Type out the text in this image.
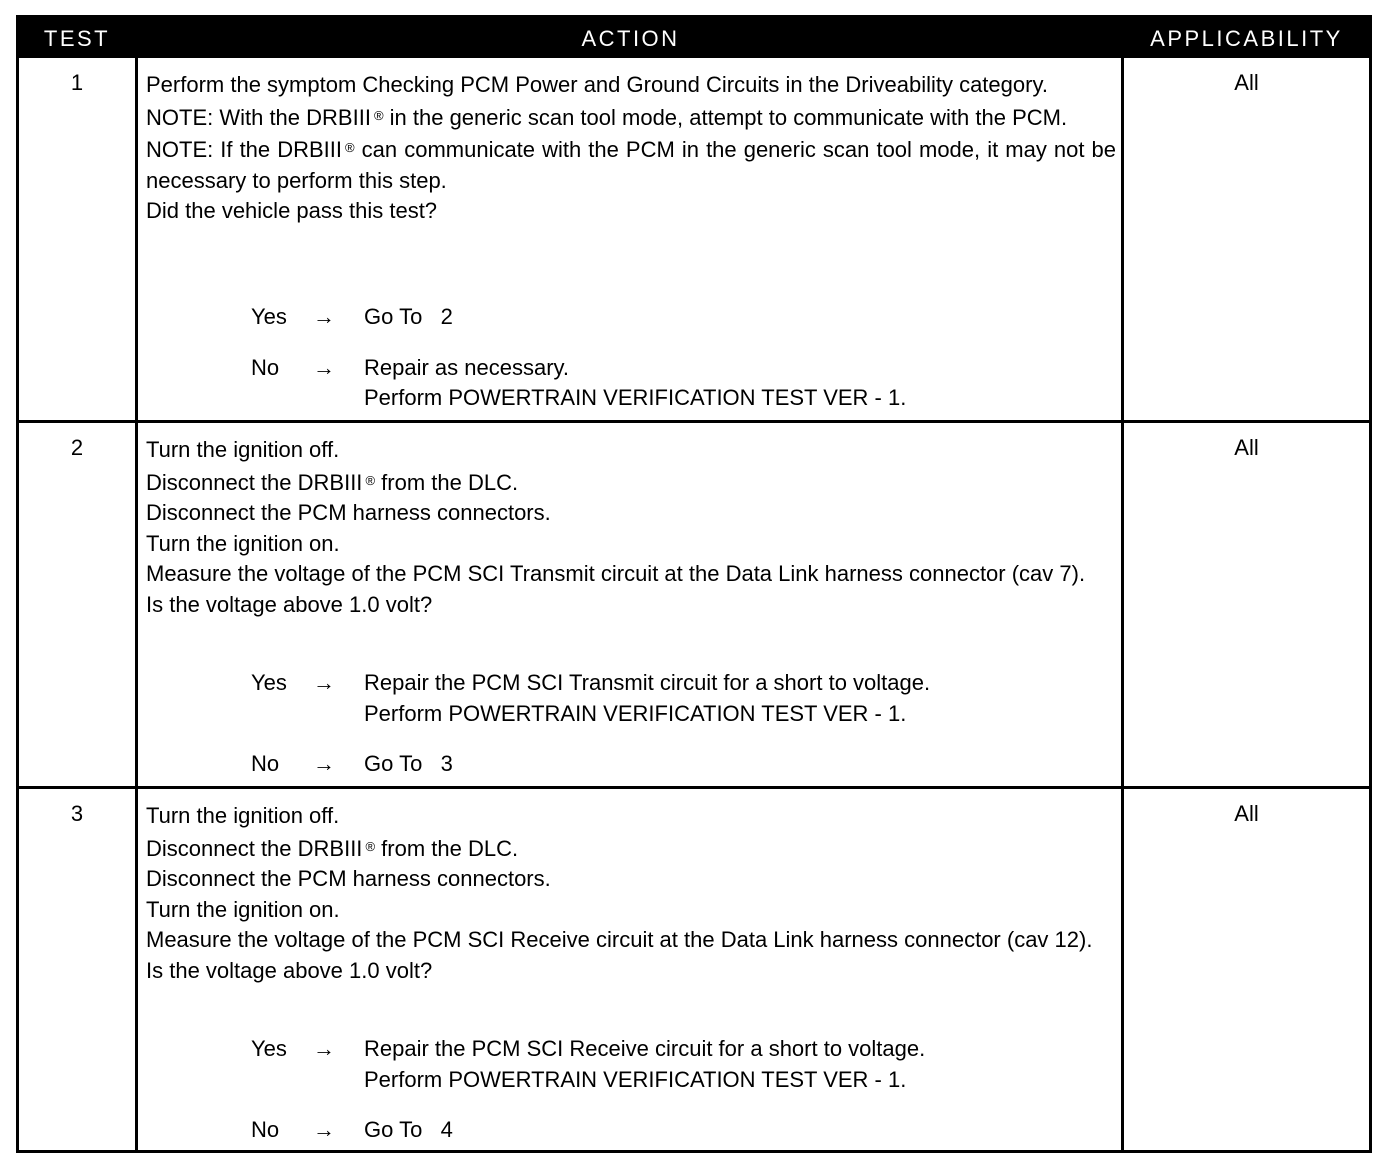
TEST	ACTION	APPLICABILITY
1	Perform the symptom Checking PCM Power and Ground Circuits in the Driveability category.

NOTE: With the DRBIII ® in the generic scan tool mode, attempt to communicate with the PCM.

NOTE: If the DRBIII ® can communicate with the PCM in the generic scan tool mode, it may not be necessary to perform this step.

Did the vehicle pass this test?

Yes → Go To   2
No → Repair as necessary.
Perform POWERTRAIN VERIFICATION TEST VER - 1.
All
2	Turn the ignition off.

Disconnect the DRBIII ® from the DLC.

Disconnect the PCM harness connectors.

Turn the ignition on.

Measure the voltage of the PCM SCI Transmit circuit at the Data Link harness connector (cav 7).

Is the voltage above 1.0 volt?

Yes → Repair the PCM SCI Transmit circuit for a short to voltage.
Perform POWERTRAIN VERIFICATION TEST VER - 1.
No → Go To   3
All
3	Turn the ignition off.

Disconnect the DRBIII ® from the DLC.

Disconnect the PCM harness connectors.

Turn the ignition on.

Measure the voltage of the PCM SCI Receive circuit at the Data Link harness connector (cav 12).

Is the voltage above 1.0 volt?

Yes → Repair the PCM SCI Receive circuit for a short to voltage.
Perform POWERTRAIN VERIFICATION TEST VER - 1.
No → Go To   4
All
